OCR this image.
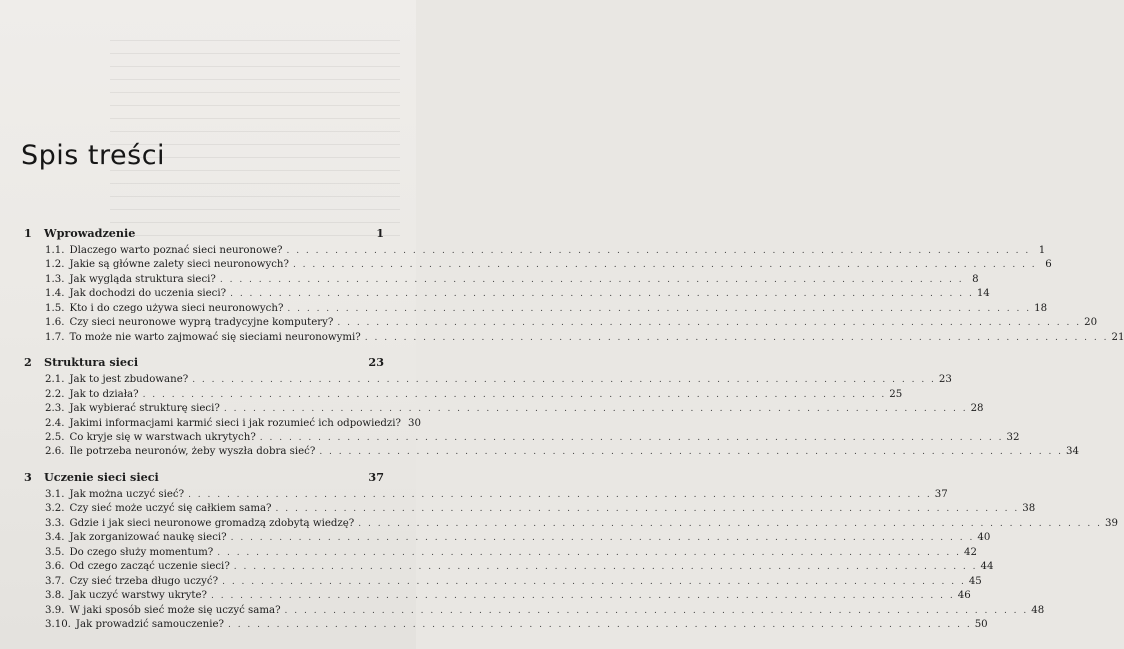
Spis treści
1	Wprowadzenie	1
1.1. Dlaczego warto poznać sieci neuronowe? . . .	1
1.2. Jakie są główne zalety sieci neuronowych? . . .	6
1.3. Jak wygląda struktura sieci? . . .	8
1.4. Jak dochodzi do uczenia sieci? . . .	14
1.5. Kto i do czego używa sieci neuronowych? . . .	18
1.6. Czy sieci neuronowe wyprą tradycyjne komputery? . . .	20
1.7. To może nie warto zajmować się sieciami neuronowymi? . . .	21
2	Struktura sieci	23
2.1. Jak to jest zbudowane? . . .	23
2.2. Jak to działa? . . .	25
2.3. Jak wybierać strukturę sieci? . . .	28
2.4. Jakimi informacjami karmić sieci i jak rozumieć ich odpowiedzi? 30
2.5. Co kryje się w warstwach ukrytych? . . .	32
2.6. Ile potrzeba neuronów, żeby wyszła dobra sieć? . . .	34
3	Uczenie sieci sieci	37
3.1. Jak można uczyć sieć? . . .	37
3.2. Czy sieć może uczyć się całkiem sama? . . .	38
3.3. Gdzie i jak sieci neuronowe gromadzą zdobytą wiedzę? . . .	39
3.4. Jak zorganizować naukę sieci? . . .	40
3.5. Do czego służy momentum? . . .	42
3.6. Od czego zacząć uczenie sieci? . . .	44
3.7. Czy sieć trzeba długo uczyć? . . .	45
3.8. Jak uczyć warstwy ukryte? . . .	46
3.9. W jaki sposób sieć może się uczyć sama? . . .	48
3.10. Jak prowadzić samouczenie? . . .	50
